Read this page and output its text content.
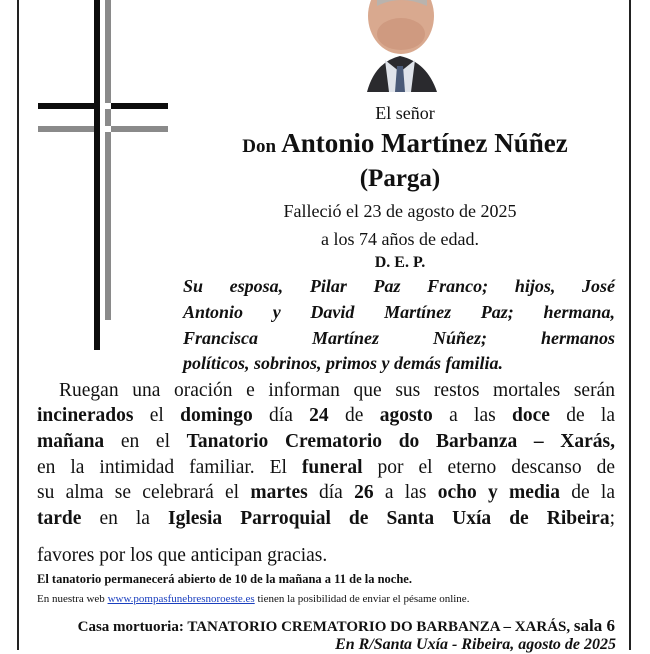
El señor
Don Antonio Martínez Núñez
(Parga)
Falleció el 23 de agosto de 2025
a los 74 años de edad.
D. E. P.
Su esposa, Pilar Paz Franco; hijos, José
Antonio y David Martínez Paz; hermana,
Francisca Martínez Núñez; hermanos
políticos, sobrinos, primos y demás familia.
Ruegan una oración e informan que sus restos mortales serán
incinerados el domingo día 24 de agosto a las doce de la
mañana en el Tanatorio Crematorio do Barbanza – Xarás,
en la intimidad familiar. El funeral por el eterno descanso de
su alma se celebrará el martes día 26 a las ocho y media de la
tarde en la Iglesia Parroquial de Santa Uxía de Ribeira;
favores por los que anticipan gracias.
El tanatorio permanecerá abierto de 10 de la mañana a 11 de la noche.
En nuestra web www.pompasfunebresnoroeste.es tienen la posibilidad de enviar el pésame online.
Casa mortuoria: TANATORIO CREMATORIO DO BARBANZA – XARÁS, sala 6
En R/Santa Uxía - Ribeira, agosto de 2025
